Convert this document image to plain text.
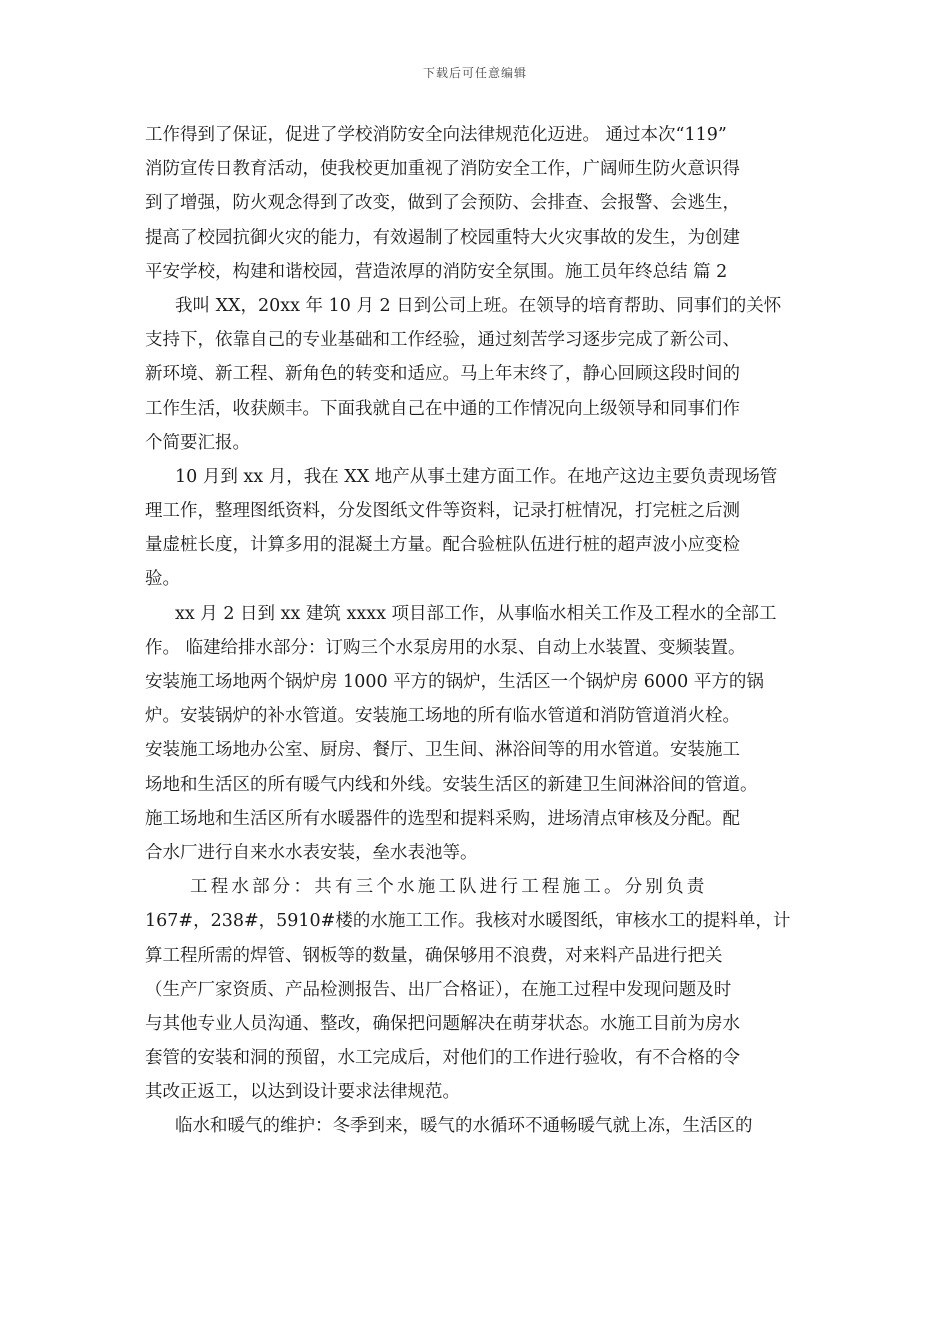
下载后可任意编辑
工作得到了保证，促进了学校消防安全向法律规范化迈进。 通过本次“119”
消防宣传日教育活动，使我校更加重视了消防安全工作，广阔师生防火意识得
到了增强，防火观念得到了改变，做到了会预防、会排查、会报警、会逃生，
提高了校园抗御火灾的能力，有效遏制了校园重特大火灾事故的发生，为创建
平安学校，构建和谐校园，营造浓厚的消防安全氛围。施工员年终总结 篇 2
我叫 XX，20xx 年 10 月 2 日到公司上班。在领导的培育帮助、同事们的关怀
支持下，依靠自己的专业基础和工作经验，通过刻苦学习逐步完成了新公司、
新环境、新工程、新角色的转变和适应。马上年末终了，静心回顾这段时间的
工作生活，收获颇丰。下面我就自己在中通的工作情况向上级领导和同事们作
个简要汇报。
10 月到 xx 月，我在 XX 地产从事土建方面工作。在地产这边主要负责现场管
理工作，整理图纸资料，分发图纸文件等资料，记录打桩情况，打完桩之后测
量虚桩长度，计算多用的混凝土方量。配合验桩队伍进行桩的超声波小应变检
验。
xx 月 2 日到 xx 建筑 xxxx 项目部工作，从事临水相关工作及工程水的全部工
作。 临建给排水部分：订购三个水泵房用的水泵、自动上水装置、变频装置。
安装施工场地两个锅炉房 1000 平方的锅炉，生活区一个锅炉房 6000 平方的锅
炉。安装锅炉的补水管道。安装施工场地的所有临水管道和消防管道消火栓。
安装施工场地办公室、厨房、餐厅、卫生间、淋浴间等的用水管道。安装施工
场地和生活区的所有暖气内线和外线。安装生活区的新建卫生间淋浴间的管道。
施工场地和生活区所有水暖器件的选型和提料采购，进场清点审核及分配。配
合水厂进行自来水水表安装，垒水表池等。
工程水部分：共有三个水施工队进行工程施工。分别负责
167#，238#，5910#楼的水施工工作。我核对水暖图纸，审核水工的提料单，计
算工程所需的焊管、钢板等的数量，确保够用不浪费，对来料产品进行把关
（生产厂家资质、产品检测报告、出厂合格证），在施工过程中发现问题及时
与其他专业人员沟通、整改，确保把问题解决在萌芽状态。水施工目前为房水
套管的安装和洞的预留，水工完成后，对他们的工作进行验收，有不合格的令
其改正返工，以达到设计要求法律规范。
临水和暖气的维护：冬季到来，暖气的水循环不通畅暖气就上冻，生活区的
